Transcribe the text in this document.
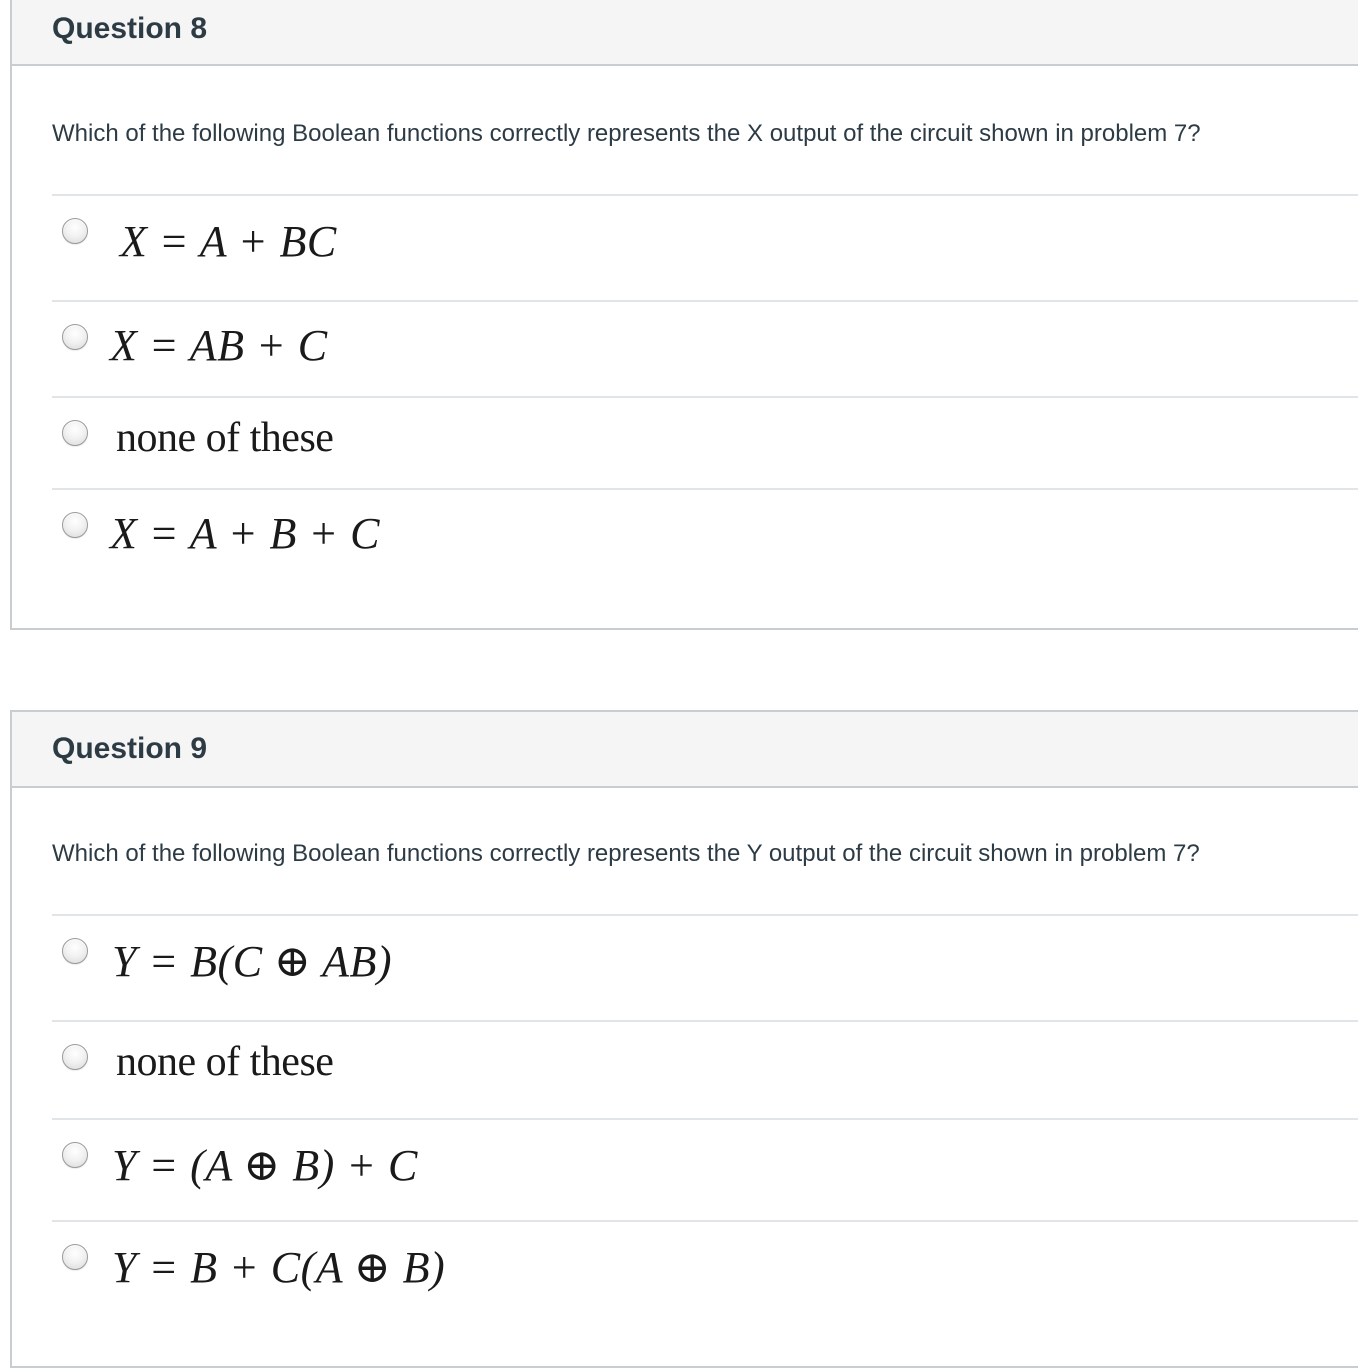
Question 8
Which of the following Boolean functions correctly represents the X output of the circuit shown in problem 7?
X = A + BC
X = AB + C
none of these
X = A + B + C
Question 9
Which of the following Boolean functions correctly represents the Y output of the circuit shown in problem 7?
Y = B(C ⊕ AB)
none of these
Y = (A ⊕ B) + C
Y = B + C(A ⊕ B)
